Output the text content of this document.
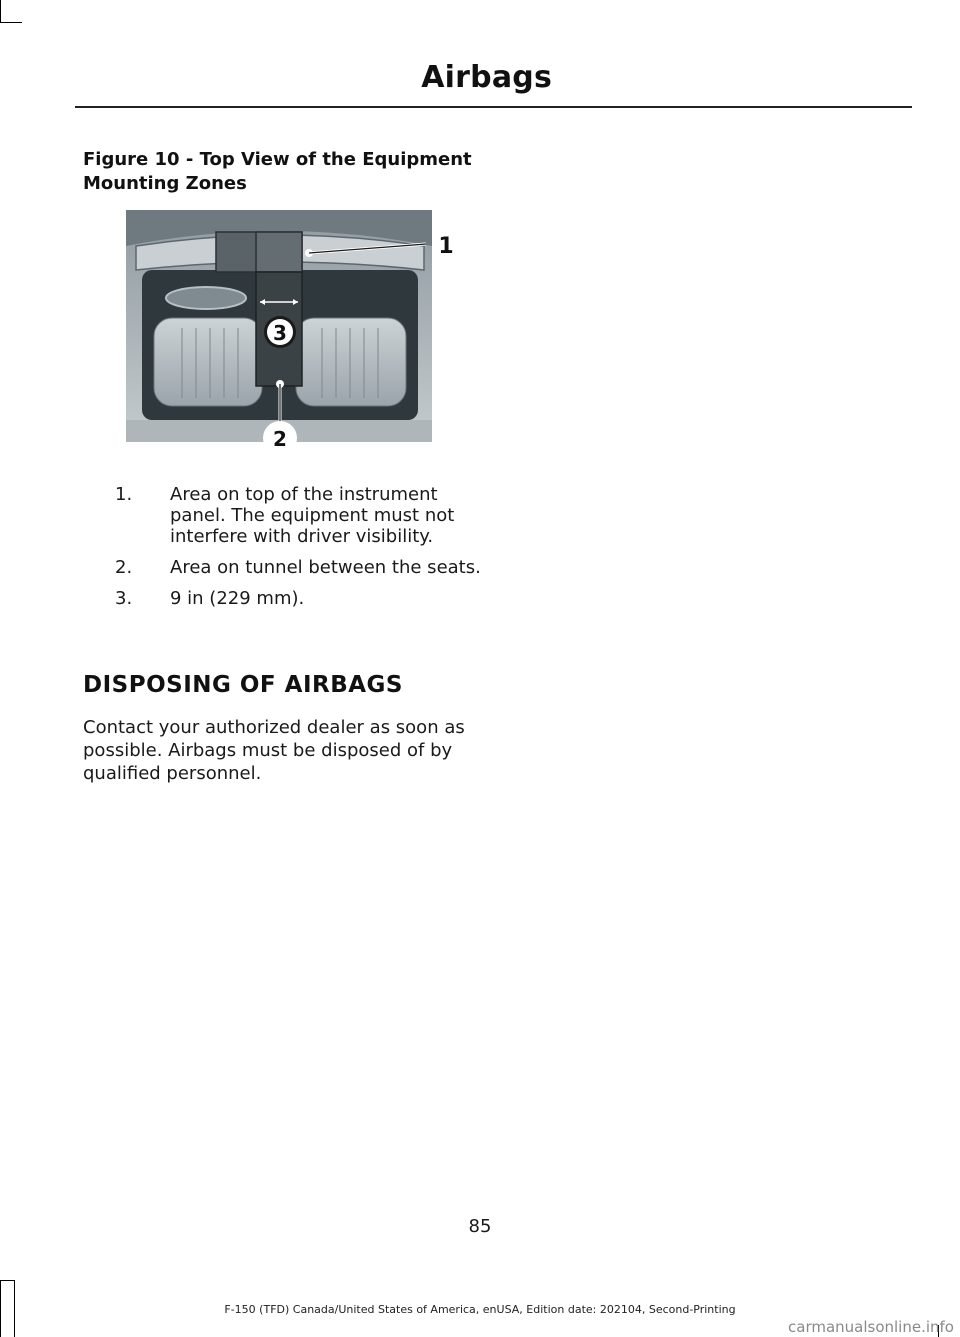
Airbags
Figure 10 - Top View of the Equipment Mounting Zones
1
3
2
1. Area on top of the instrument panel. The equipment must not interfere with driver visibility.
2. Area on tunnel between the seats.
3. 9 in (229 mm).
DISPOSING OF AIRBAGS
Contact your authorized dealer as soon as possible. Airbags must be disposed of by qualified personnel.
85
F-150 (TFD) Canada/United States of America, enUSA, Edition date: 202104, Second-Printing
carmanualsonline.info
